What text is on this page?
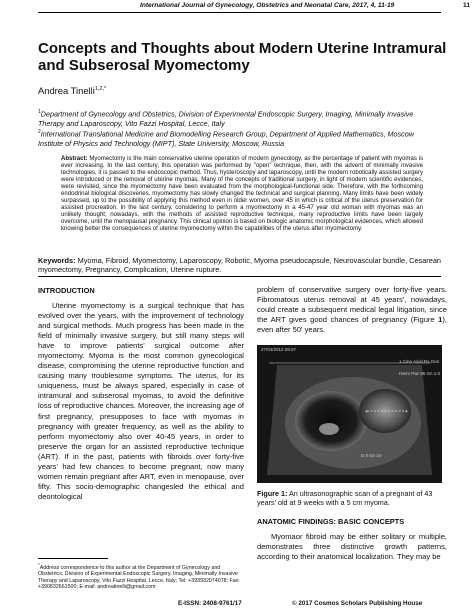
International Journal of Gynecology, Obstetrics and Neonatal Care, 2017, 4, 11-19	11
Concepts and Thoughts about Modern Uterine Intramural and Subserosal Myomectomy
Andrea Tinelli$^{1,2,*}$
$^1$Department of Gynecology and Obstetrics, Division of Experimental Endoscopic Surgery, Imaging, Minimally Invasive Therapy and Laparoscopy, Vito Fazzi Hospital, Lecce, Italy
$^2$International Translational Medicine and Biomodelling Research Group, Department of Applied Mathematics, Moscow Institute of Physics and Technology (MIPT), State University, Moscow, Russia
Abstract: Myomectomy is the main conservative uterine operation of modern gynecology, as the percentage of patient with myomas is ever increasing. In the last century, this operation was performed by "open" technique, then, with the advent of minimally invasive technologies, it is passed to the endoscopic method. Thus, hysteroscopy and laparoscopy, until the modern robotically assisted surgery were introduced or the removal of uterine myomas. Many of the concepts of traditional surgery, in light of modern scientific evidences, were revisited, since the myomectomy have been evaluated from the morphological-functional side. Therefore, with the forthcoming endodrinal biological discoveries, myomectomy has slowly changed the technical and surgical planning. Many limits have been widely surpassed, up to the possibility of applying this method even in older women, over 45 in which is critical of the uterus preservation for assisted procreation. In the last century, considering to perform a myomectomy in a 45-47 year old woman with myomas was an unlikely thought; nowadays, with the methods of assisted reproductive technique, many reproductive limits have been largely overcome, until the menopausal pregnancy. This clinical opinion is based on biologic anatomic morphological evidences, which allowed knowing better the consequences of uterine myomectomy within the capabilities of the uterus after myomectomy.
Keywords: Myoma, Fibroid, Myomectomy, Laparoscopy, Robotic, Myoma pseudocapsule, Neurovascular bundle, Cesarean myomectomy, Pregnancy, Complication, Uterine rupture.
INTRODUCTION

Uterine myomectomy is a surgical technique that has evolved over the years, with the improvement of technology and surgical methods. Much progress has been made in the field of minimally invasive surgery, but still many steps will have to improve patients' surgical outcome after myomectomy. Myoma is the most common gynecological disease, compromising the uterine reproductive function and causing many troublesome symptoms. The uterus, for its uniqueness, must be always spared, especially in case of intramural and subserosal myomas, to avoid the definitive loss of reproductive chances. Moreover, the increasing age of first pregnancy, presupposes to face with myomas in pregnancy with greater frequency, as well as the ability to perform myomectomy also over 40-45 years, in order to preserve the organ for an assisted reproductive technique (ART). If in the past, patients with fibroids over forty-five years' had few chances to become pregnant, now many women remain pregnant after ART, even in menopause, over fifty. This socio-demographic changesled the ethical and deontological

problem of conservative surgery over forty-five years. Fibromatous uterus removal at 45 years', nowadays, could create a subsequent medical legal litigation, since the ART gives good chances of pregnancy (Figure 1), even after 50' years.

27/04/2012 09:07
1.Cine Axial Rx Gen
Harm Pwr 95 Gn 1.0
D 5.63 cm
+	+
Figure 1: An ultrasonographic scan of a pregnant of 43 years' old at 9 weeks with a 5 cm myoma.
ANATOMIC FINDINGS: BASIC CONCEPTS

Myomaor fibroid may be either solitary or multiple, demonstrates three distinctive growth patterns, according to their anatomical localization. They may be

*Address correspondence to this author at the Department of Gynecology and Obstetrics, Division of Experimental Endoscopic Surgery, Imaging, Minimally Invasive Therapy and Laparoscopy, Vito Fazzi Hospital, Lecce, Italy; Tel: +393932074078; Fax: +390832661500; E-mail: andreatinelli@gmail.com
E-ISSN: 2408-9761/17	© 2017 Cosmos Scholars Publishing House
